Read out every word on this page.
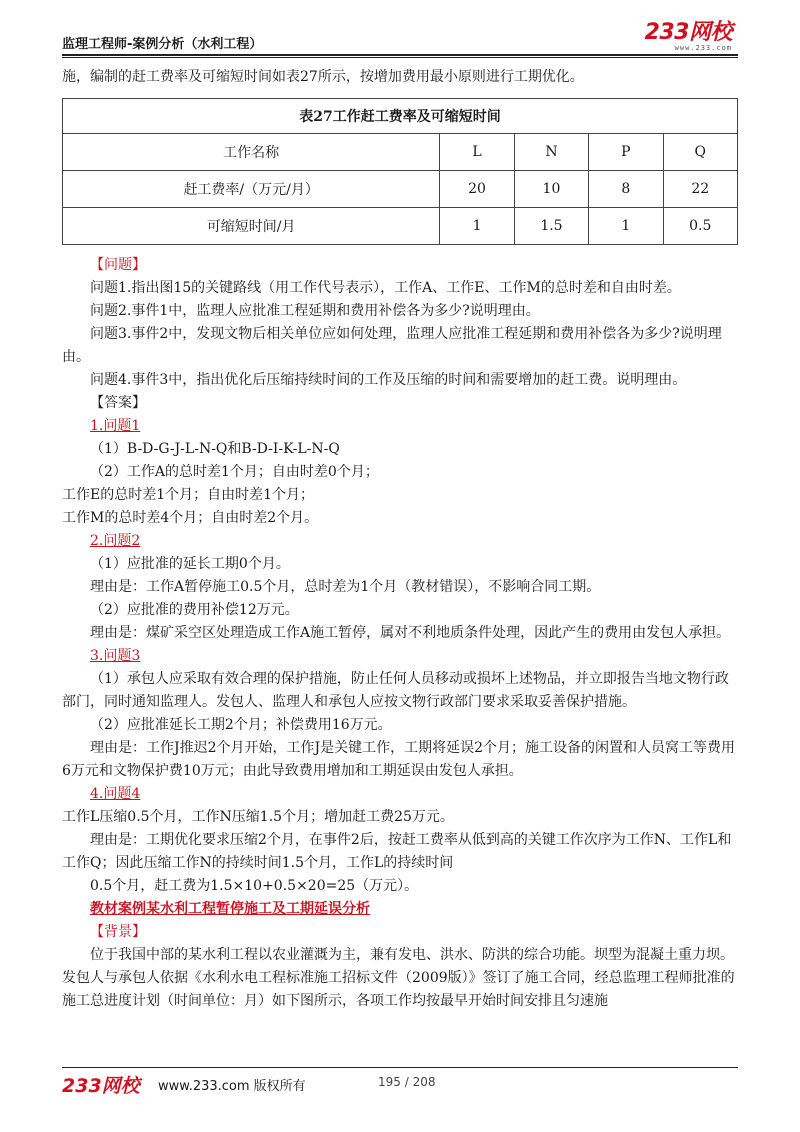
监理工程师-案例分析（水利工程）	233网校
www.233.com

施，编制的赶工费率及可缩短时间如表27所示，按增加费用最小原则进行工期优化。

表27工作赶工费率及可缩短时间				
工作名称	L	N	P	Q
赶工费率/（万元/月）	20	10	8	22
可缩短时间/月	1	1.5	1	0.5

【问题】

问题1.指出图15的关键路线（用工作代号表示），工作A、工作E、工作M的总时差和自由时差。

问题2.事件1中，监理人应批准工程延期和费用补偿各为多少?说明理由。

问题3.事件2中，发现文物后相关单位应如何处理，监理人应批准工程延期和费用补偿各为多少?说明理由。

问题4.事件3中，指出优化后压缩持续时间的工作及压缩的时间和需要增加的赶工费。说明理由。

【答案】

1.问题1

（1）B-D-G-J-L-N-Q和B-D-I-K-L-N-Q

（2）工作A的总时差1个月；自由时差0个月；

工作E的总时差1个月；自由时差1个月；

工作M的总时差4个月；自由时差2个月。

2.问题2

（1）应批准的延长工期0个月。

理由是：工作A暂停施工0.5个月，总时差为1个月（教材错误），不影响合同工期。

（2）应批准的费用补偿12万元。

理由是：煤矿采空区处理造成工作A施工暂停，属对不利地质条件处理，因此产生的费用由发包人承担。

3.问题3

（1）承包人应采取有效合理的保护措施，防止任何人员移动或损坏上述物品，并立即报告当地文物行政部门，同时通知监理人。发包人、监理人和承包人应按文物行政部门要求采取妥善保护措施。

（2）应批准延长工期2个月；补偿费用16万元。

理由是：工作J推迟2个月开始，工作J是关键工作，工期将延误2个月；施工设备的闲置和人员窝工等费用6万元和文物保护费10万元；由此导致费用增加和工期延误由发包人承担。

4.问题4

工作L压缩0.5个月，工作N压缩1.5个月；增加赶工费25万元。

理由是：工期优化要求压缩2个月，在事件2后，按赶工费率从低到高的关键工作次序为工作N、工作L和工作Q；因此压缩工作N的持续时间1.5个月，工作L的持续时间

0.5个月，赶工费为1.5×10+0.5×20=25（万元）。

教材案例某水利工程暂停施工及工期延误分析

【背景】

位于我国中部的某水利工程以农业灌溉为主，兼有发电、洪水、防洪的综合功能。坝型为混凝土重力坝。发包人与承包人依据《水利水电工程标准施工招标文件（2009版）》签订了施工合同，经总监理工程师批准的施工总进度计划（时间单位：月）如下图所示，各项工作均按最早开始时间安排且匀速施

233网校 www.233.com 版权所有	195 / 208
